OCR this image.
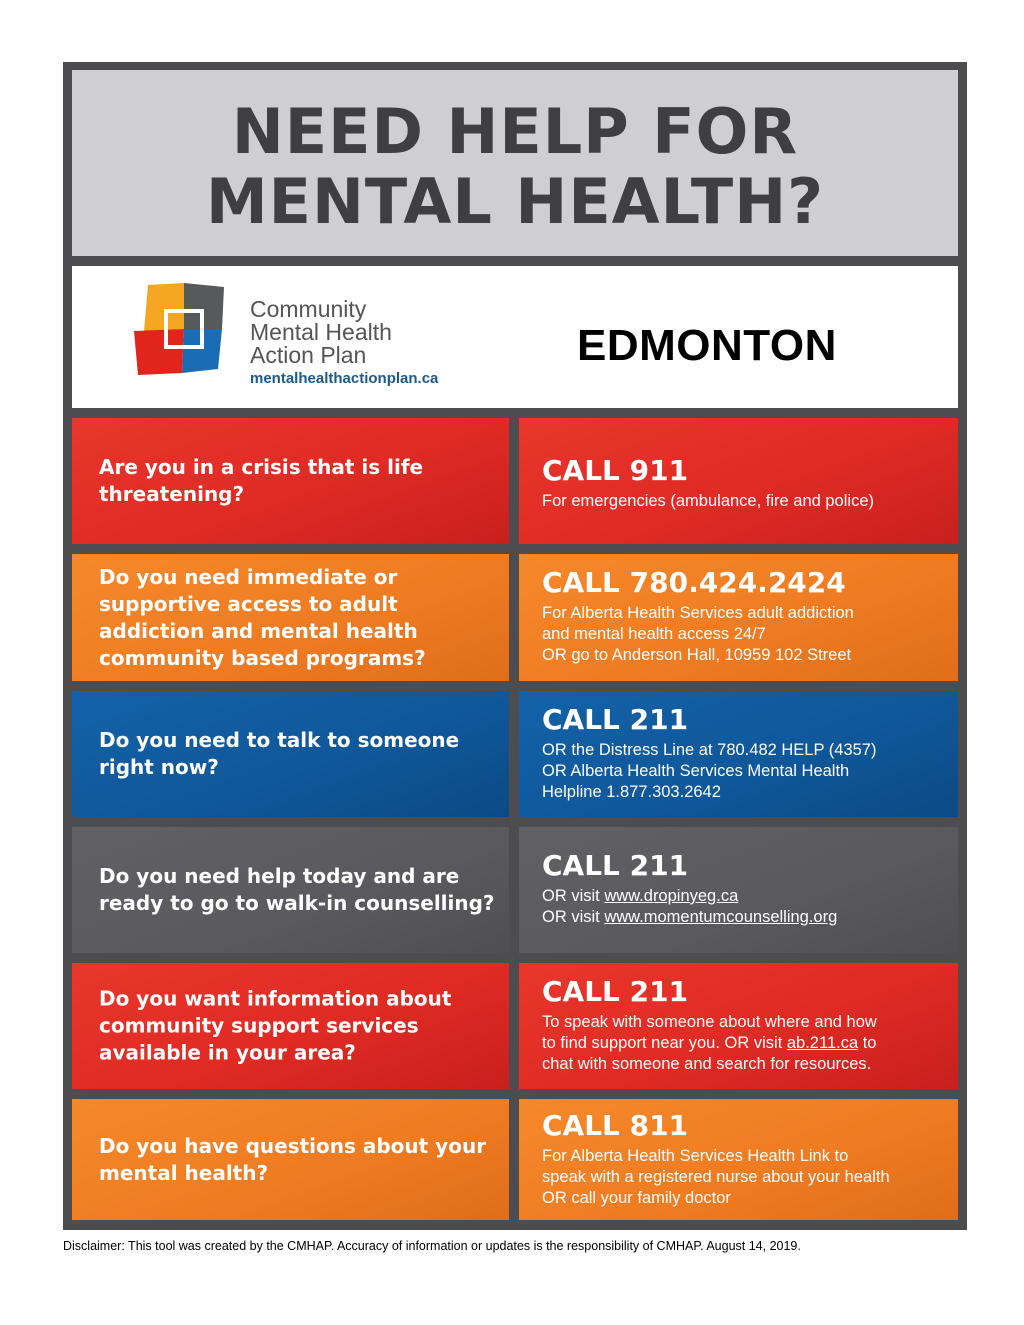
NEED HELP FOR
MENTAL HEALTH?
Community
Mental Health
Action Plan
mentalhealthactionplan.ca
EDMONTON
Are you in a crisis that is life threatening?
CALL 911
For emergencies (ambulance, fire and police)
Do you need immediate or supportive access to adult addiction and mental health community based programs?
CALL 780.424.2424
For Alberta Health Services adult addiction
and mental health access 24/7
OR go to Anderson Hall, 10959 102 Street
Do you need to talk to someone right now?
CALL 211
OR the Distress Line at 780.482 HELP (4357)
OR Alberta Health Services Mental Health
Helpline 1.877.303.2642
Do you need help today and are ready to go to walk-in counselling?
CALL 211
OR visit www.dropinyeg.ca
OR visit www.momentumcounselling.org
Do you want information about community support services available in your area?
CALL 211
To speak with someone about where and how
to find support near you. OR visit ab.211.ca to
chat with someone and search for resources.
Do you have questions about your mental health?
CALL 811
For Alberta Health Services Health Link to
speak with a registered nurse about your health
OR call your family doctor
Disclaimer: This tool was created by the CMHAP. Accuracy of information or updates is the responsibility of CMHAP. August 14, 2019.
